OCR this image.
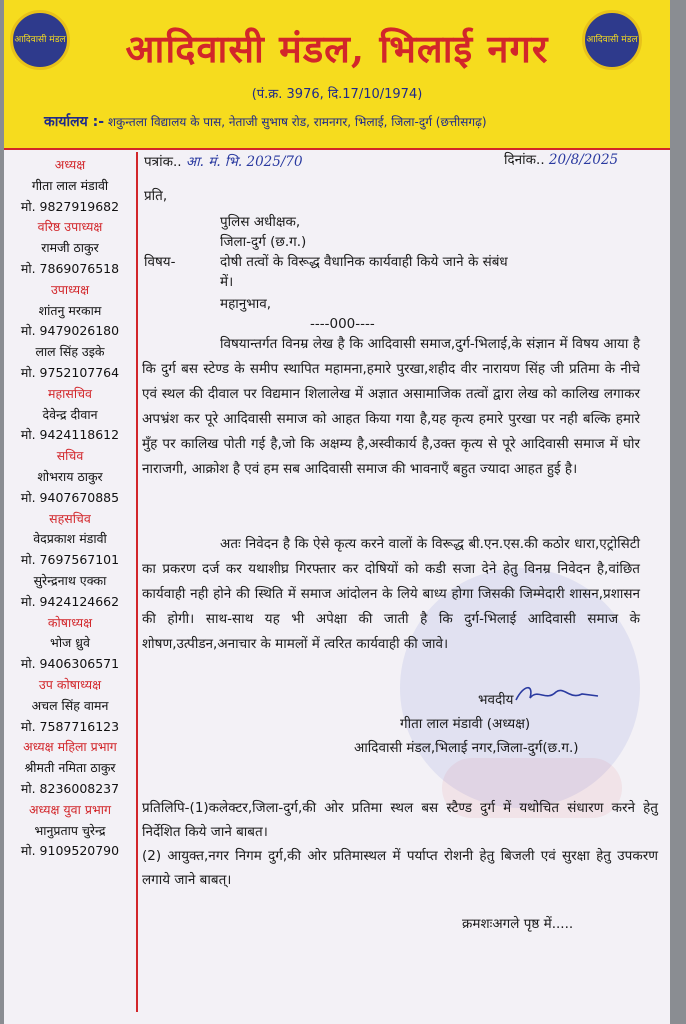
आदिवासी मंडल	आदिवासी मंडल, भिलाई नगर	आदिवासी मंडल
(पं.क्र. 3976, दि.17/10/1974)
कार्यालय :- शकुन्तला विद्यालय के पास, नेताजी सुभाष रोड, रामनगर, भिलाई, जिला-दुर्ग (छत्तीसगढ़)
अध्यक्ष
गीता लाल मंडावी
मो. 9827919682
वरिष्ठ उपाध्यक्ष
रामजी ठाकुर
मो. 7869076518
उपाध्यक्ष
शांतनु मरकाम
मो. 9479026180
लाल सिंह उइके
मो. 9752107764
महासचिव
देवेन्द्र दीवान
मो. 9424118612
सचिव
शोभराय ठाकुर
मो. 9407670885
सहसचिव
वेदप्रकाश मंडावी
मो. 7697567101
सुरेन्द्रनाथ एक्का
मो. 9424124662
कोषाध्यक्ष
भोज ध्रुवे
मो. 9406306571
उप कोषाध्यक्ष
अचल सिंह वामन
मो. 7587716123
अध्यक्ष महिला प्रभाग
श्रीमती नमिता ठाकुर
मो. 8236008237
अध्यक्ष युवा प्रभाग
भानुप्रताप चुरेन्द्र
मो. 9109520790
पत्रांक.. आ. मं. भि. 2025/70	दिनांक.. 20/8/2025
प्रति,
पुलिस अधीक्षक,
जिला-दुर्ग (छ.ग.)
विषय-	दोषी तत्वों के विरूद्ध वैधानिक कार्यवाही किये जाने के संबंध
में।
महानुभाव,
----000----
विषयान्तर्गत विनम्र लेख है कि आदिवासी समाज,दुर्ग-भिलाई,के संज्ञान में विषय आया है कि दुर्ग बस स्टेण्ड के समीप स्थापित महामना,हमारे पुरखा,शहीद वीर नारायण सिंह जी प्रतिमा के नीचे एवं स्थल की दीवाल पर विद्यमान शिलालेख में अज्ञात असामाजिक तत्वों द्वारा लेख को कालिख लगाकर अपभ्रंश कर पूरे आदिवासी समाज को आहत किया गया है,यह कृत्य हमारे पुरखा पर नही बल्कि हमारे मुँह पर कालिख पोती गई है,जो कि अक्षम्य है,अस्वीकार्य है,उक्त कृत्य से पूरे आदिवासी समाज में घोर नाराजगी, आक्रोश है एवं हम सब आदिवासी समाज की भावनाएँ बहुत ज्यादा आहत हुई है।
अतः निवेदन है कि ऐसे कृत्य करने वालों के विरूद्ध बी.एन.एस.की कठोर धारा,एट्रोसिटी का प्रकरण दर्ज कर यथाशीघ्र गिरफ्तार कर दोषियों को कडी सजा देने हेतु विनम्र निवेदन है,वांछित कार्यवाही नही होने की स्थिति में समाज आंदोलन के लिये बाध्य होगा जिसकी जिम्मेदारी शासन,प्रशासन की होगी। साथ-साथ यह भी अपेक्षा की जाती है कि दुर्ग-भिलाई आदिवासी समाज के शोषण,उत्पीडन,अनाचार के मामलों में त्वरित कार्यवाही की जावे।
भवदीय
गीता लाल मंडावी (अध्यक्ष)
आदिवासी मंडल,भिलाई नगर,जिला-दुर्ग(छ.ग.)
प्रतिलिपि-(1)कलेक्टर,जिला-दुर्ग,की ओर प्रतिमा स्थल बस स्टैण्ड दुर्ग में यथोचित संधारण करने हेतु निर्देशित किये जाने बाबत।
(2) आयुक्त,नगर निगम दुर्ग,की ओर प्रतिमास्थल में पर्याप्त रोशनी हेतु बिजली एवं सुरक्षा हेतु उपकरण लगाये जाने बाबत्।
क्रमशःअगले पृष्ठ में.....
